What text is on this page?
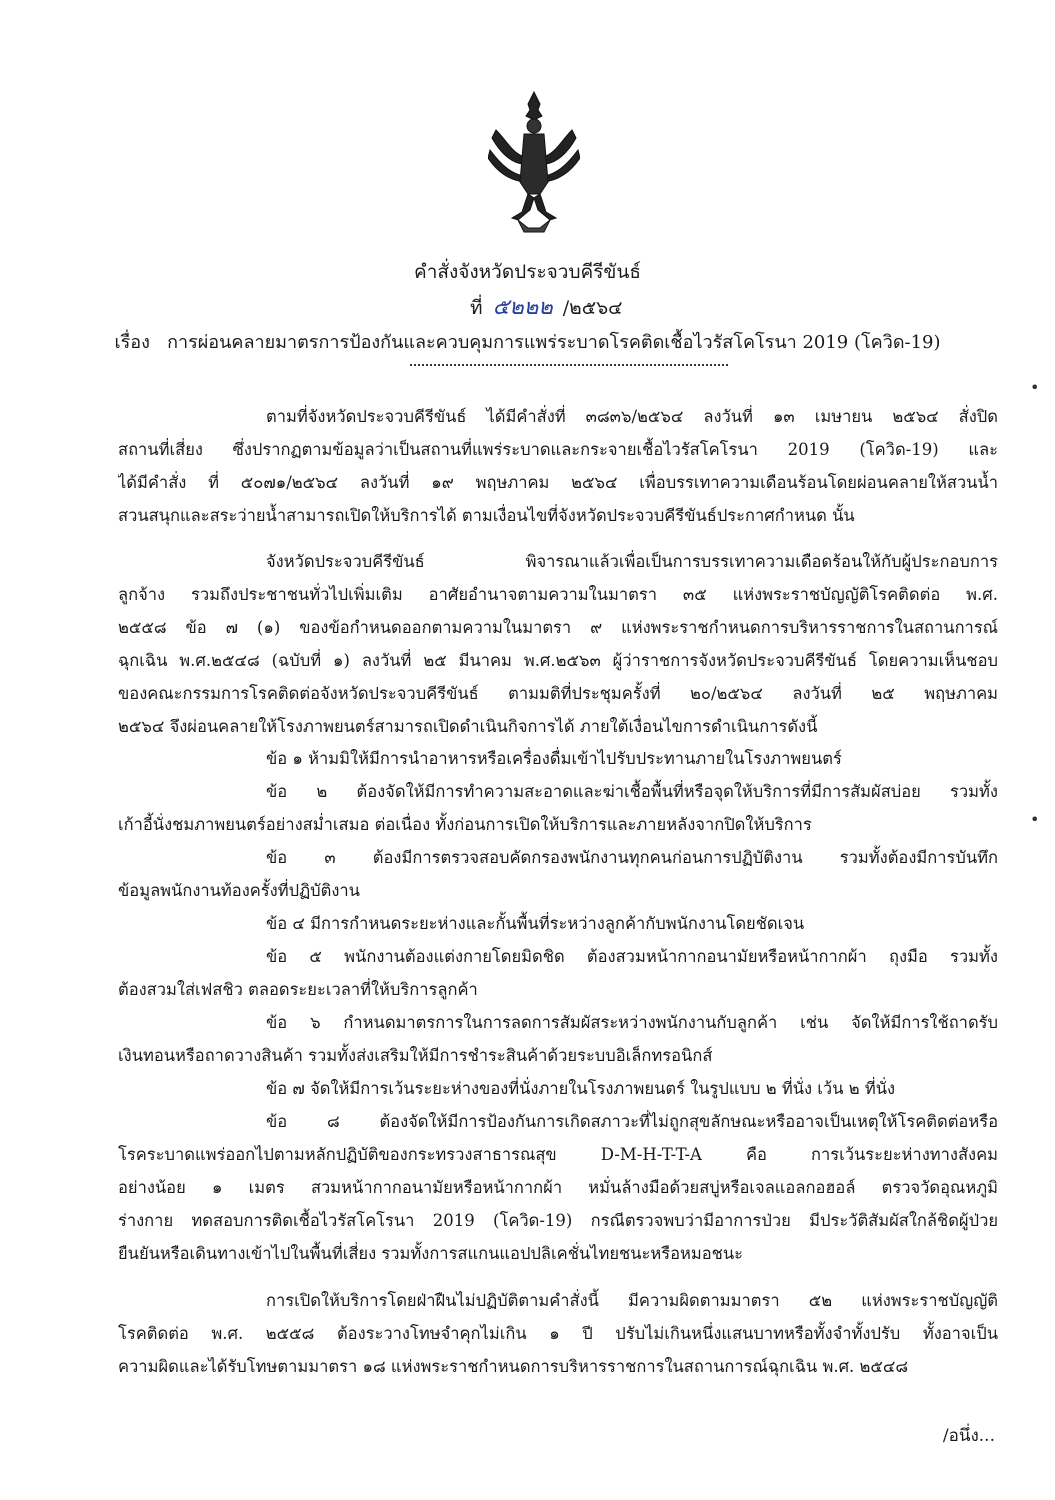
คำสั่งจังหวัดประจวบคีรีขันธ์
ที่ ๕๒๒๒ /๒๕๖๔
เรื่อง การผ่อนคลายมาตรการป้องกันและควบคุมการแพร่ระบาดโรคติดเชื้อไวรัสโคโรนา 2019 (โควิด-19)

ตามที่จังหวัดประจวบคีรีขันธ์ ได้มีคำสั่งที่ ๓๘๓๖/๒๕๖๔ ลงวันที่ ๑๓ เมษายน ๒๕๖๔ สั่งปิด

สถานที่เสี่ยง ซึ่งปรากฏตามข้อมูลว่าเป็นสถานที่แพร่ระบาดและกระจายเชื้อไวรัสโคโรนา 2019 (โควิด-19) และ

ได้มีคำสั่ง ที่ ๕๐๗๑/๒๕๖๔ ลงวันที่ ๑๙ พฤษภาคม ๒๕๖๔ เพื่อบรรเทาความเดือนร้อนโดยผ่อนคลายให้สวนน้ำ

สวนสนุกและสระว่ายน้ำสามารถเปิดให้บริการได้ ตามเงื่อนไขที่จังหวัดประจวบคีรีขันธ์ประกาศกำหนด นั้น

จังหวัดประจวบคีรีขันธ์ พิจารณาแล้วเพื่อเป็นการบรรเทาความเดือดร้อนให้กับผู้ประกอบการ

ลูกจ้าง รวมถึงประชาชนทั่วไปเพิ่มเติม อาศัยอำนาจตามความในมาตรา ๓๕ แห่งพระราชบัญญัติโรคติดต่อ พ.ศ.

๒๕๕๘ ข้อ ๗ (๑) ของข้อกำหนดออกตามความในมาตรา ๙ แห่งพระราชกำหนดการบริหารราชการในสถานการณ์

ฉุกเฉิน พ.ศ.๒๕๔๘ (ฉบับที่ ๑) ลงวันที่ ๒๕ มีนาคม พ.ศ.๒๕๖๓ ผู้ว่าราชการจังหวัดประจวบคีรีขันธ์ โดยความเห็นชอบ

ของคณะกรรมการโรคติดต่อจังหวัดประจวบคีรีขันธ์ ตามมติที่ประชุมครั้งที่ ๒๐/๒๕๖๔ ลงวันที่ ๒๕ พฤษภาคม

๒๕๖๔ จึงผ่อนคลายให้โรงภาพยนตร์สามารถเปิดดำเนินกิจการได้ ภายใต้เงื่อนไขการดำเนินการดังนี้

ข้อ ๑ ห้ามมิให้มีการนำอาหารหรือเครื่องดื่มเข้าไปรับประทานภายในโรงภาพยนตร์

ข้อ ๒ ต้องจัดให้มีการทำความสะอาดและฆ่าเชื้อพื้นที่หรือจุดให้บริการที่มีการสัมผัสบ่อย รวมทั้ง

เก้าอี้นั่งชมภาพยนตร์อย่างสม่ำเสมอ ต่อเนื่อง ทั้งก่อนการเปิดให้บริการและภายหลังจากปิดให้บริการ

ข้อ ๓ ต้องมีการตรวจสอบคัดกรองพนักงานทุกคนก่อนการปฏิบัติงาน รวมทั้งต้องมีการบันทึก

ข้อมูลพนักงานท้องครั้งที่ปฏิบัติงาน

ข้อ ๔ มีการกำหนดระยะห่างและกั้นพื้นที่ระหว่างลูกค้ากับพนักงานโดยชัดเจน

ข้อ ๕ พนักงานต้องแต่งกายโดยมิดชิด ต้องสวมหน้ากากอนามัยหรือหน้ากากผ้า ถุงมือ รวมทั้ง

ต้องสวมใส่เฟสชิว ตลอดระยะเวลาที่ให้บริการลูกค้า

ข้อ ๖ กำหนดมาตรการในการลดการสัมผัสระหว่างพนักงานกับลูกค้า เช่น จัดให้มีการใช้ถาดรับ

เงินทอนหรือถาดวางสินค้า รวมทั้งส่งเสริมให้มีการชำระสินค้าด้วยระบบอิเล็กทรอนิกส์

ข้อ ๗ จัดให้มีการเว้นระยะห่างของที่นั่งภายในโรงภาพยนตร์ ในรูปแบบ ๒ ที่นั่ง เว้น ๒ ที่นั่ง

ข้อ ๘ ต้องจัดให้มีการป้องกันการเกิดสภาวะที่ไม่ถูกสุขลักษณะหรืออาจเป็นเหตุให้โรคติดต่อหรือ

โรคระบาดแพร่ออกไปตามหลักปฏิบัติของกระทรวงสาธารณสุข D-M-H-T-T-A คือ การเว้นระยะห่างทางสังคม

อย่างน้อย ๑ เมตร สวมหน้ากากอนามัยหรือหน้ากากผ้า หมั่นล้างมือด้วยสบู่หรือเจลแอลกอฮอล์ ตรวจวัดอุณหภูมิ

ร่างกาย ทดสอบการติดเชื้อไวรัสโคโรนา 2019 (โควิด-19) กรณีตรวจพบว่ามีอาการป่วย มีประวัติสัมผัสใกล้ชิดผู้ป่วย

ยืนยันหรือเดินทางเข้าไปในพื้นที่เสี่ยง รวมทั้งการสแกนแอปปลิเคชั่นไทยชนะหรือหมอชนะ

การเปิดให้บริการโดยฝ่าฝืนไม่ปฏิบัติตามคำสั่งนี้ มีความผิดตามมาตรา ๕๒ แห่งพระราชบัญญัติ

โรคติดต่อ พ.ศ. ๒๕๕๘ ต้องระวางโทษจำคุกไม่เกิน ๑ ปี ปรับไม่เกินหนึ่งแสนบาทหรือทั้งจำทั้งปรับ ทั้งอาจเป็น

ความผิดและได้รับโทษตามมาตรา ๑๘ แห่งพระราชกำหนดการบริหารราชการในสถานการณ์ฉุกเฉิน พ.ศ. ๒๕๔๘

/อนึ่ง...
•
•
